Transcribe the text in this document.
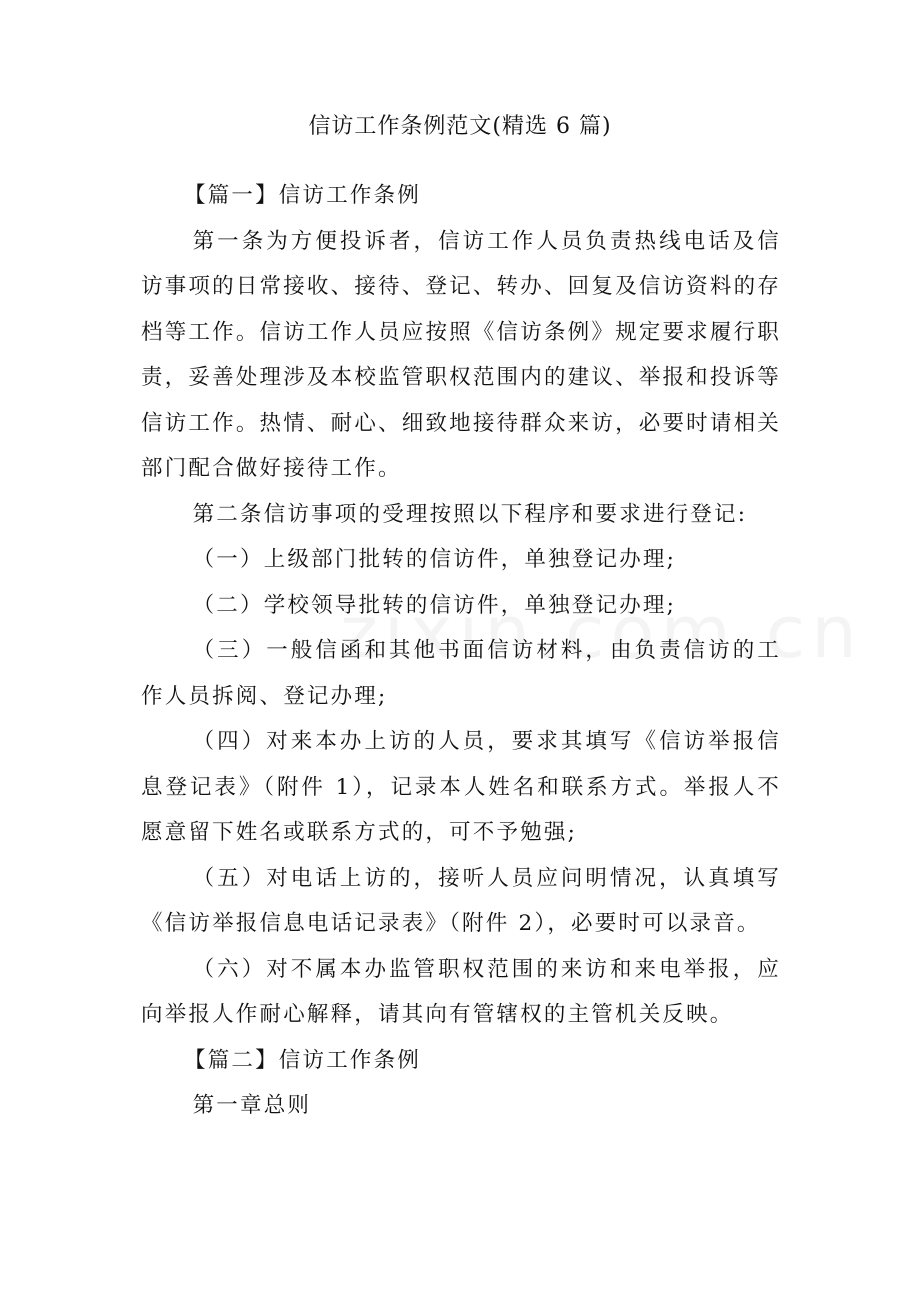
信访工作条例范文(精选 6 篇)

【篇一】信访工作条例

第一条为方便投诉者，信访工作人员负责热线电话及信访事项的日常接收、接待、登记、转办、回复及信访资料的存档等工作。信访工作人员应按照《信访条例》规定要求履行职责，妥善处理涉及本校监管职权范围内的建议、举报和投诉等信访工作。热情、耐心、细致地接待群众来访，必要时请相关部门配合做好接待工作。

第二条信访事项的受理按照以下程序和要求进行登记:

（一）上级部门批转的信访件，单独登记办理;

（二）学校领导批转的信访件，单独登记办理;

（三）一般信函和其他书面信访材料，由负责信访的工作人员拆阅、登记办理;

（四）对来本办上访的人员，要求其填写《信访举报信息登记表》（附件 1），记录本人姓名和联系方式。举报人不愿意留下姓名或联系方式的，可不予勉强;

（五）对电话上访的，接听人员应问明情况，认真填写《信访举报信息电话记录表》（附件 2），必要时可以录音。

（六）对不属本办监管职权范围的来访和来电举报，应向举报人作耐心解释，请其向有管辖权的主管机关反映。

【篇二】信访工作条例

第一章总则
